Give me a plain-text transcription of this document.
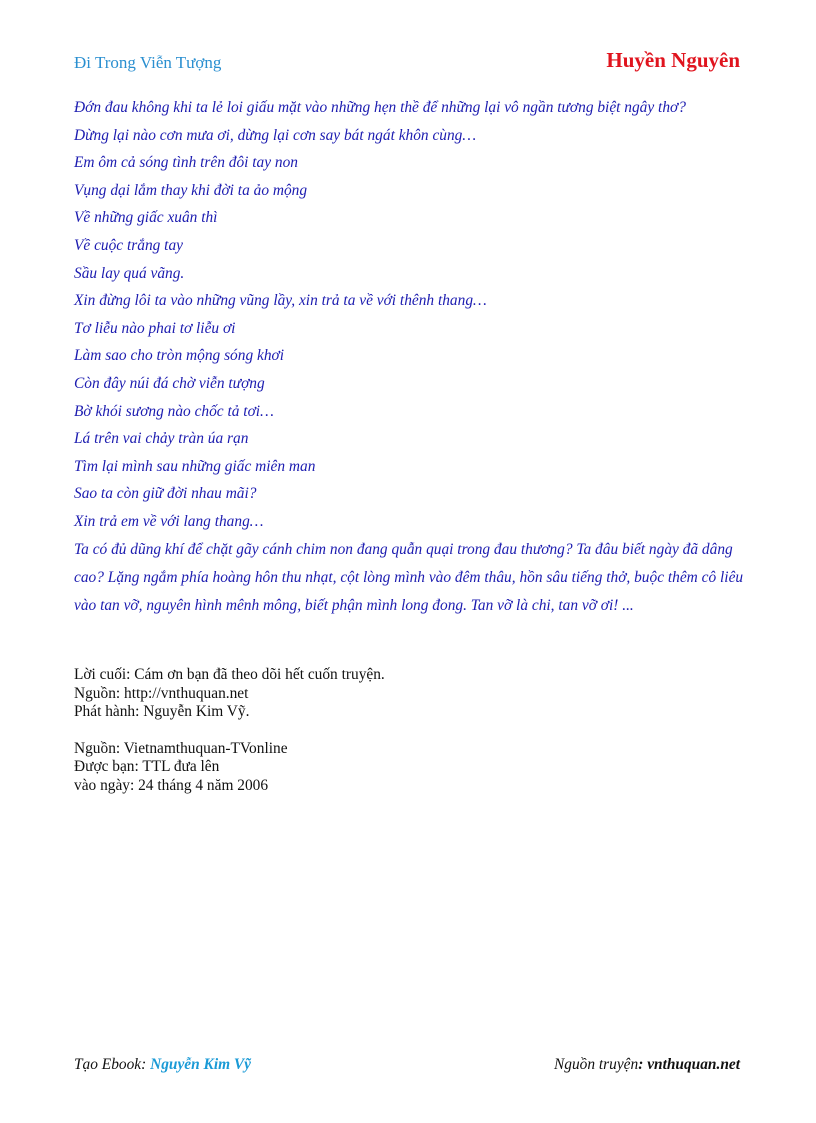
Đi Trong Viễn Tượng	Huyền Nguyên
Đớn đau không khi ta lẻ loi giấu mặt vào những hẹn thề để những lại vô ngần tương biệt ngây thơ?
Dừng lại nào cơn mưa ơi, dừng lại cơn say bát ngát khôn cùng…
Em ôm cả sóng tình trên đôi tay non
Vụng dại lắm thay khi đời ta ảo mộng
Về những giấc xuân thì
Về cuộc trắng tay
Sầu lay quá vãng.
Xin đừng lôi ta vào những vũng lầy, xin trả ta về với thênh thang…
Tơ liễu nào phai tơ liễu ơi
Làm sao cho tròn mộng sóng khơi
Còn đây núi đá chờ viễn tượng
Bờ khói sương nào chốc tả tơi…
Lá trên vai chảy tràn úa rạn
Tìm lại mình sau những giấc miên man
Sao ta còn giữ đời nhau mãi?
Xin trả em về với lang thang…

Ta có đủ dũng khí để chặt gãy cánh chim non đang quẫn quại trong đau thương? Ta đâu biết ngày đã dâng cao? Lặng ngắm phía hoàng hôn thu nhạt, cột lòng mình vào đêm thâu, hồn sâu tiếng thở, buộc thêm cô liêu vào tan vỡ, nguyên hình mênh mông, biết phận mình long đong. Tan vỡ là chi, tan vỡ ơi! ...

Lời cuối: Cám ơn bạn đã theo dõi hết cuốn truyện.
Nguồn: http://vnthuquan.net
Phát hành: Nguyễn Kim Vỹ.
Nguồn: Vietnamthuquan-TVonline
Được bạn: TTL đưa lên
vào ngày: 24 tháng 4 năm 2006
Tạo Ebook: Nguyễn Kim Vỹ	Nguồn truyện: vnthuquan.net
